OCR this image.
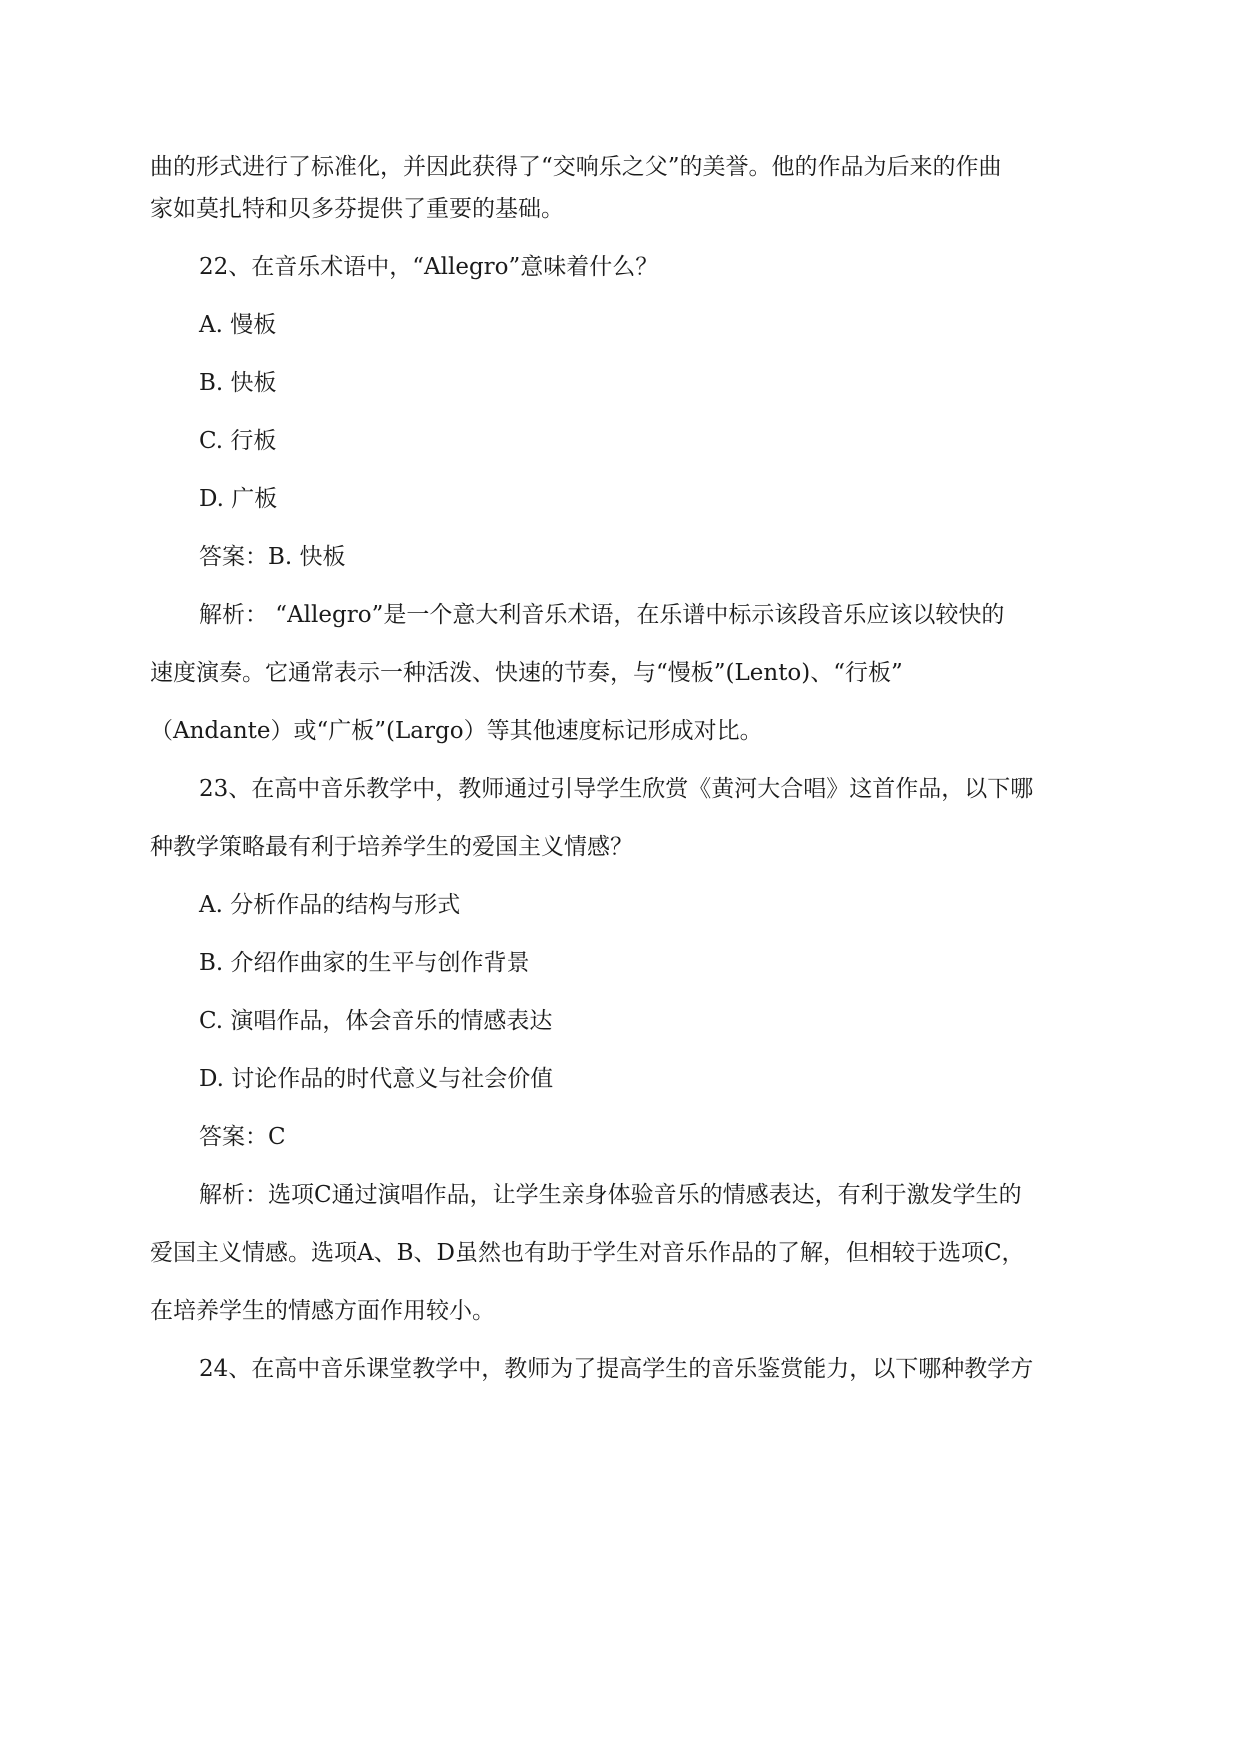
曲的形式进行了标准化，并因此获得了“交响乐之父”的美誉。他的作品为后来的作曲

家如莫扎特和贝多芬提供了重要的基础。

22、在音乐术语中，“Allegro”意味着什么？

A. 慢板

B. 快板

C. 行板

D. 广板

答案：B. 快板

解析： “Allegro”是一个意大利音乐术语，在乐谱中标示该段音乐应该以较快的

速度演奏。它通常表示一种活泼、快速的节奏，与“慢板”(Lento)、“行板”

（Andante）或“广板”(Largo）等其他速度标记形成对比。

23、在高中音乐教学中，教师通过引导学生欣赏《黄河大合唱》这首作品，以下哪

种教学策略最有利于培养学生的爱国主义情感？

A. 分析作品的结构与形式

B. 介绍作曲家的生平与创作背景

C. 演唱作品，体会音乐的情感表达

D. 讨论作品的时代意义与社会价值

答案：C

解析：选项C通过演唱作品，让学生亲身体验音乐的情感表达，有利于激发学生的

爱国主义情感。选项A、B、D虽然也有助于学生对音乐作品的了解，但相较于选项C，

在培养学生的情感方面作用较小。

24、在高中音乐课堂教学中，教师为了提高学生的音乐鉴赏能力，以下哪种教学方
